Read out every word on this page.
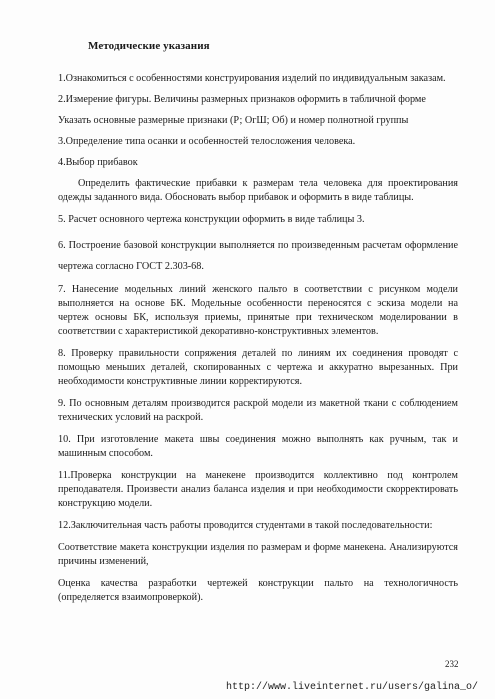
Методические указания

1.Ознакомиться с особенностями конструирования изделий по индивидуальным заказам.

2.Измерение фигуры. Величины размерных признаков оформить в табличной форме

Указать основные размерные признаки (Р; ОгШ; Об) и номер полнотной группы

3.Определение типа осанки и особенностей телосложения человека.

4.Выбор прибавок

Определить фактические прибавки к размерам тела человека для проектирования одежды заданного вида. Обосновать выбор прибавок и оформить в виде таблицы.

5. Расчет основного чертежа конструкции оформить в виде таблицы 3.

6. Построение базовой конструкции выполняется по произведенным расчетам оформление чертежа согласно ГОСТ 2.303-68.

7. Нанесение модельных линий женского пальто в соответствии с рисунком модели выполняется на основе БК. Модельные особенности переносятся с эскиза модели на чертеж основы БК, используя приемы, принятые при техническом моделировании в соответствии с характеристикой декоративно-конструктивных элементов.

8. Проверку правильности сопряжения деталей по линиям их соединения проводят с помощью меньших деталей, скопированных с чертежа и аккуратно вырезанных. При необходимости конструктивные линии корректируются.

9. По основным деталям производится раскрой модели из макетной ткани с соблюдением технических условий на раскрой.

10. При изготовление макета швы соединения можно выполнять как ручным, так и машинным способом.

11.Проверка конструкции на манекене производится коллективно под контролем преподавателя. Произвести анализ баланса изделия и при необходимости скорректировать конструкцию модели.

12.Заключительная часть работы проводится студентами в такой последовательности:

Соответствие макета конструкции изделия по размерам и форме манекена. Анализируются причины изменений,

Оценка качества разработки чертежей конструкции пальто на технологичность (определяется взаимопроверкой).

232
http://www.liveinternet.ru/users/galina_o/
